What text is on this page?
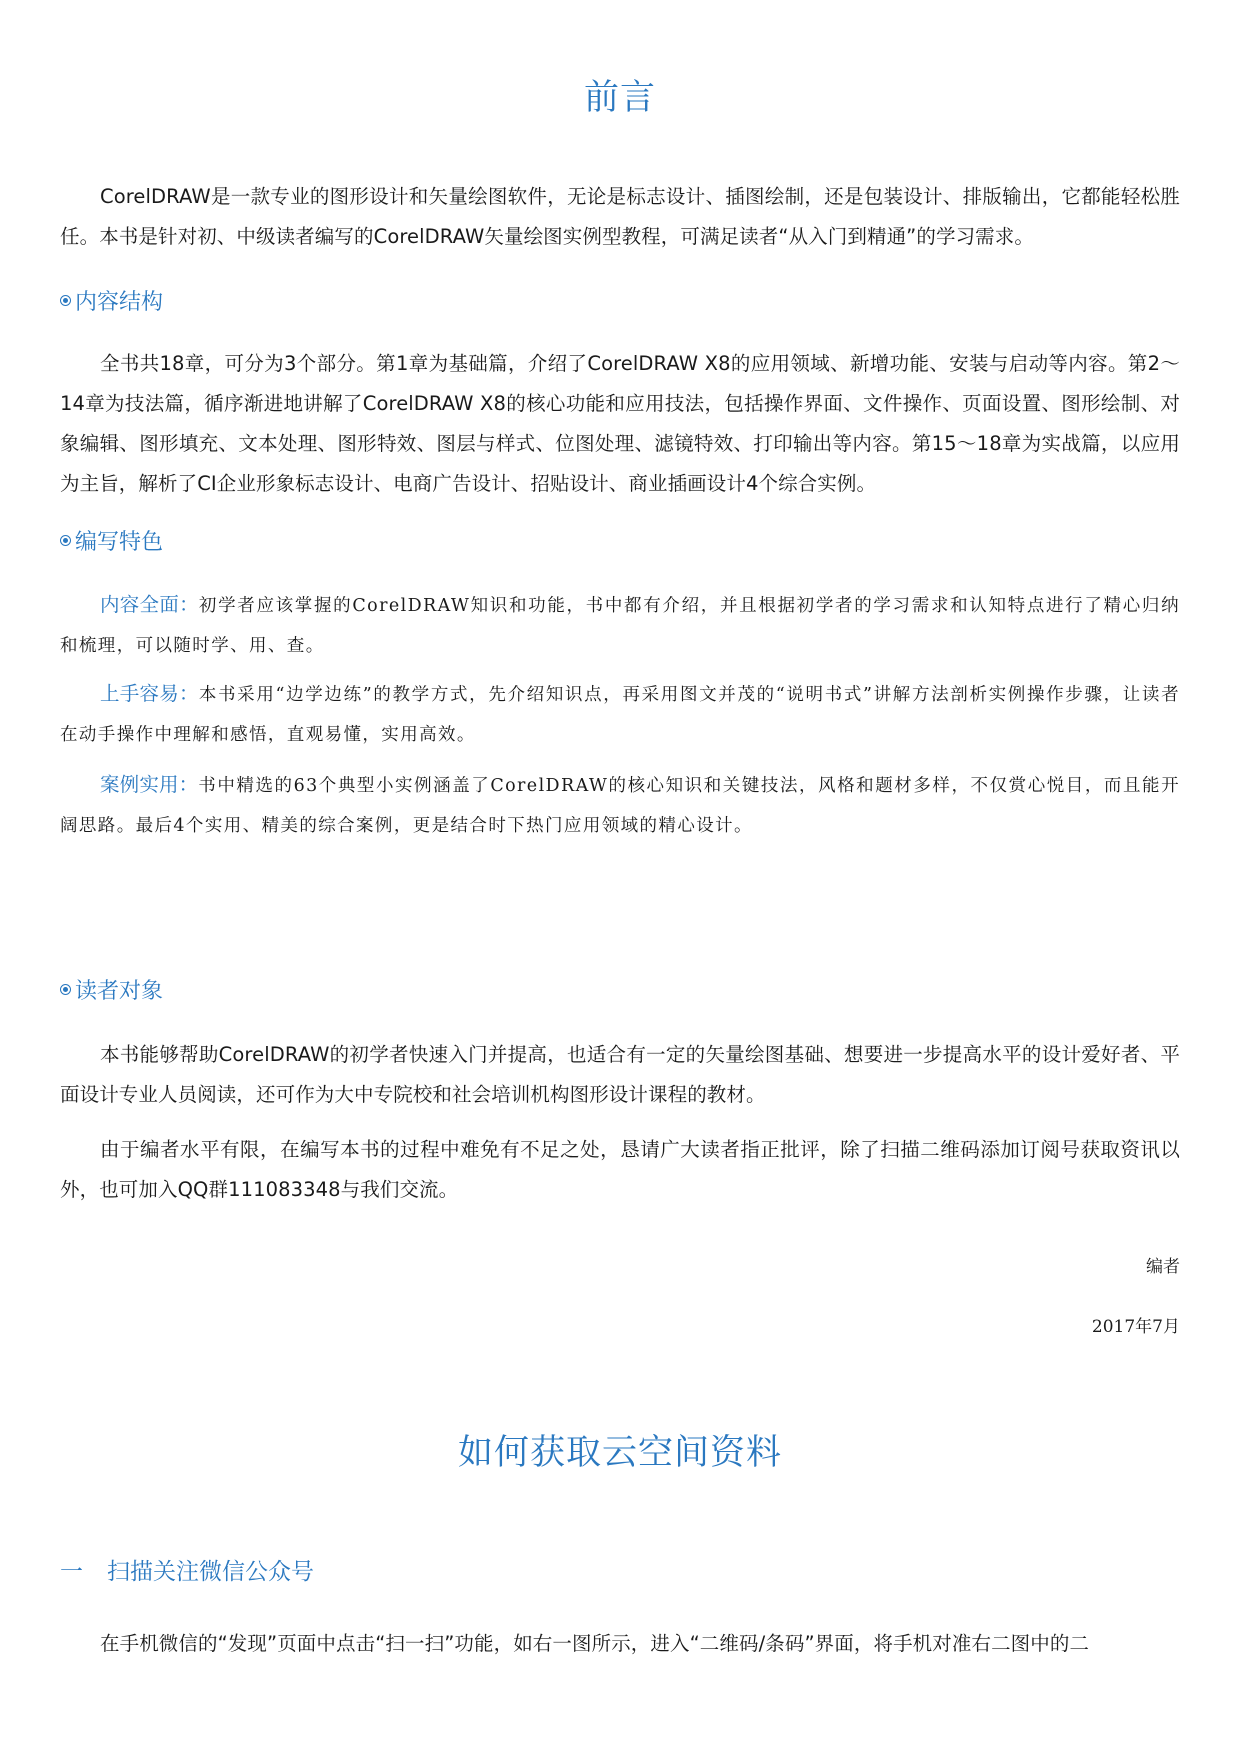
前言

CorelDRAW是一款专业的图形设计和矢量绘图软件，无论是标志设计、插图绘制，还是包装设计、排版输出，它都能轻松胜任。本书是针对初、中级读者编写的CorelDRAW矢量绘图实例型教程，可满足读者“从入门到精通”的学习需求。

内容结构

全书共18章，可分为3个部分。第1章为基础篇，介绍了CorelDRAW X8的应用领域、新增功能、安装与启动等内容。第2～14章为技法篇，循序渐进地讲解了CorelDRAW X8的核心功能和应用技法，包括操作界面、文件操作、页面设置、图形绘制、对象编辑、图形填充、文本处理、图形特效、图层与样式、位图处理、滤镜特效、打印输出等内容。第15～18章为实战篇，以应用为主旨，解析了CI企业形象标志设计、电商广告设计、招贴设计、商业插画设计4个综合实例。

编写特色

内容全面：初学者应该掌握的CorelDRAW知识和功能，书中都有介绍，并且根据初学者的学习需求和认知特点进行了精心归纳和梳理，可以随时学、用、查。

上手容易：本书采用“边学边练”的教学方式，先介绍知识点，再采用图文并茂的“说明书式”讲解方法剖析实例操作步骤，让读者在动手操作中理解和感悟，直观易懂，实用高效。

案例实用：书中精选的63个典型小实例涵盖了CorelDRAW的核心知识和关键技法，风格和题材多样，不仅赏心悦目，而且能开阔思路。最后4个实用、精美的综合案例，更是结合时下热门应用领域的精心设计。

读者对象

本书能够帮助CorelDRAW的初学者快速入门并提高，也适合有一定的矢量绘图基础、想要进一步提高水平的设计爱好者、平面设计专业人员阅读，还可作为大中专院校和社会培训机构图形设计课程的教材。

由于编者水平有限，在编写本书的过程中难免有不足之处，恳请广大读者指正批评，除了扫描二维码添加订阅号获取资讯以外，也可加入QQ群111083348与我们交流。

编者
2017年7月
如何获取云空间资料
一 扫描关注微信公众号

在手机微信的“发现”页面中点击“扫一扫”功能，如右一图所示，进入“二维码/条码”界面，将手机对准右二图中的二
